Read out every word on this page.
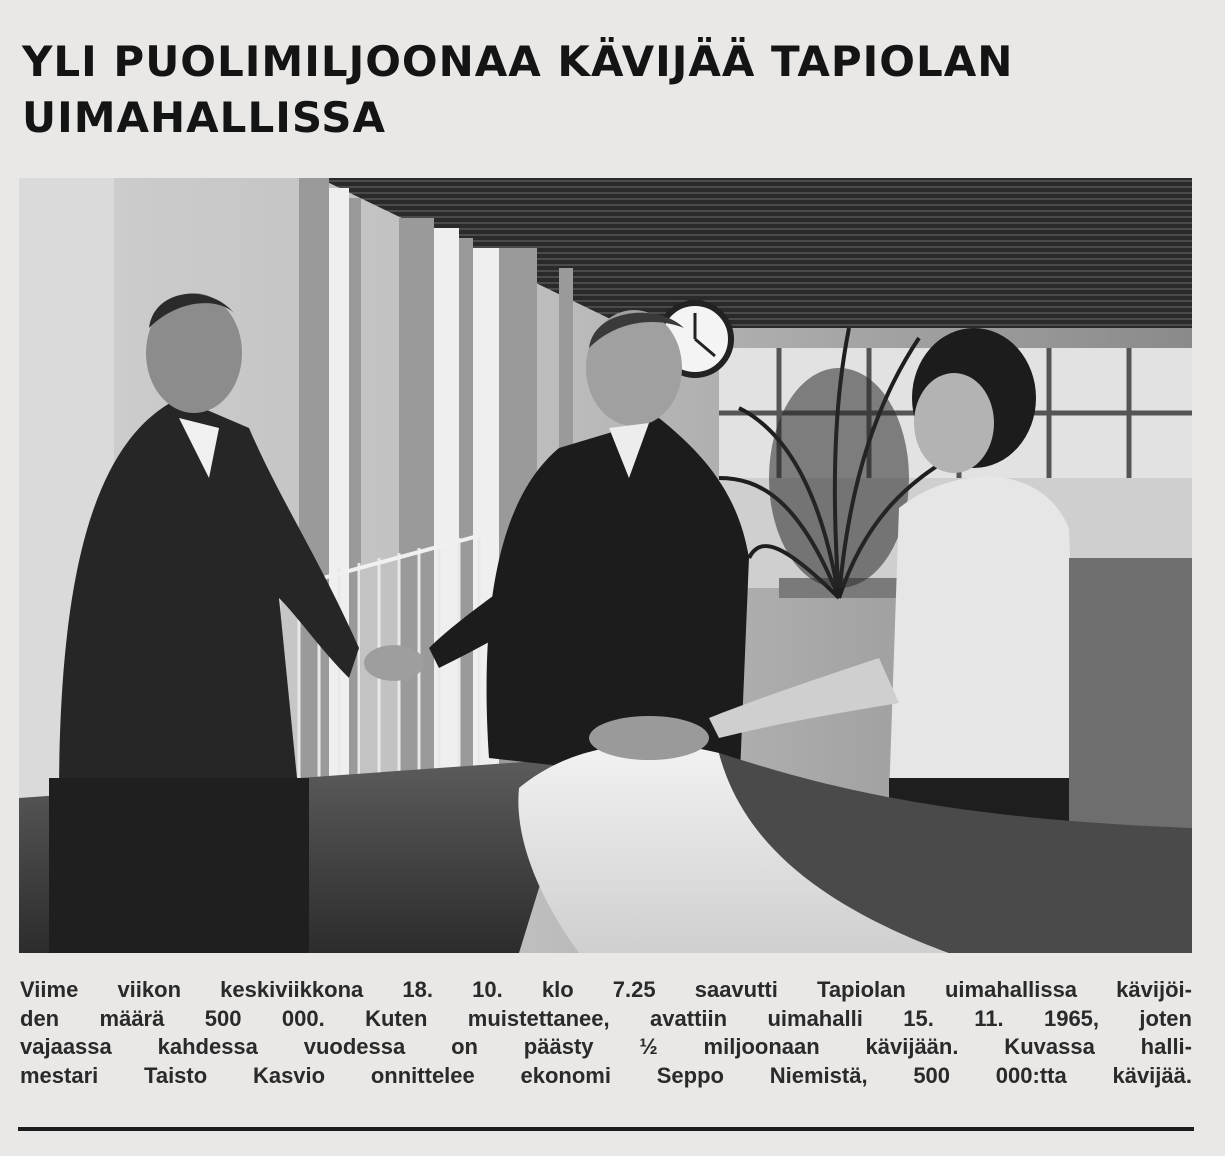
YLI PUOLIMILJOONAA KÄVIJÄÄ TAPIOLAN
UIMAHALLISSA

Viime viikon keskiviikkona 18. 10. klo 7.25 saavutti Tapiolan uimahallissa kävijöi-
den määrä 500 000. Kuten muistettanee, avattiin uimahalli 15. 11. 1965, joten
vajaassa kahdessa vuodessa on päästy ½ miljoonaan kävijään. Kuvassa halli-
mestari Taisto Kasvio onnittelee ekonomi Seppo Niemistä, 500 000:tta kävijää.
